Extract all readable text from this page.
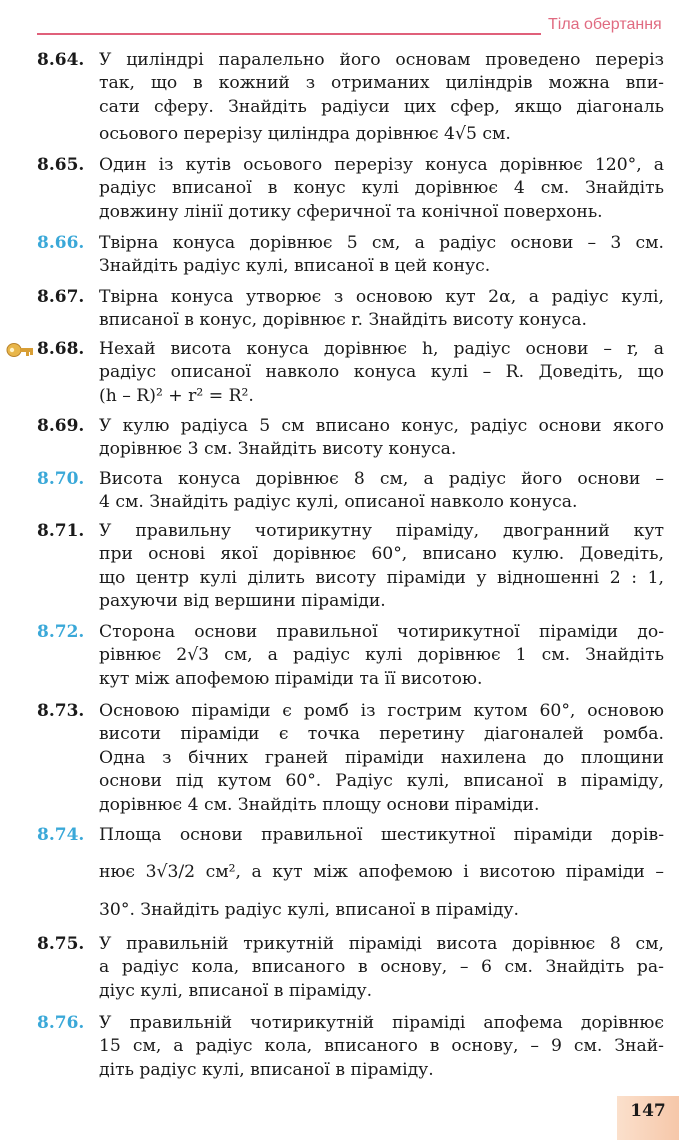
Тіла обертання
8.64. У циліндрі паралельно його основам проведено переріз
так, що в кожний з отриманих циліндрів можна впи-
сати сферу. Знайдіть радіуси цих сфер, якщо діагональ
осьового перерізу циліндра дорівнює 4√5 см.
8.65. Один із кутів осьового перерізу конуса дорівнює 120°, а
радіус вписаної в конус кулі дорівнює 4 см. Знайдіть
довжину лінії дотику сферичної та конічної поверхонь.
8.66. Твірна конуса дорівнює 5 см, а радіус основи – 3 см.
Знайдіть радіус кулі, вписаної в цей конус.
8.67. Твірна конуса утворює з основою кут 2α, а радіус кулі,
вписаної в конус, дорівнює r. Знайдіть висоту конуса.
8.68. Нехай висота конуса дорівнює h, радіус основи – r, а
радіус описаної навколо конуса кулі – R. Доведіть, що
(h – R)² + r² = R².
8.69. У кулю радіуса 5 см вписано конус, радіус основи якого
дорівнює 3 см. Знайдіть висоту конуса.
8.70. Висота конуса дорівнює 8 см, а радіус його основи –
4 см. Знайдіть радіус кулі, описаної навколо конуса.
8.71. У правильну чотирикутну піраміду, двогранний кут
при основі якої дорівнює 60°, вписано кулю. Доведіть,
що центр кулі ділить висоту піраміди у відношенні 2 : 1,
рахуючи від вершини піраміди.
8.72. Сторона основи правильної чотирикутної піраміди до-
рівнює 2√3 см, а радіус кулі дорівнює 1 см. Знайдіть
кут між апофемою піраміди та її висотою.
8.73. Основою піраміди є ромб із гострим кутом 60°, основою
висоти піраміди є точка перетину діагоналей ромба.
Одна з бічних граней піраміди нахилена до площини
основи під кутом 60°. Радіус кулі, вписаної в піраміду,
дорівнює 4 см. Знайдіть площу основи піраміди.
8.74. Площа основи правильної шестикутної піраміди дорів-
нює 3√3/2 см², а кут між апофемою і висотою піраміди –
30°. Знайдіть радіус кулі, вписаної в піраміду.
8.75. У правильній трикутній піраміді висота дорівнює 8 см,
а радіус кола, вписаного в основу, – 6 см. Знайдіть ра-
діус кулі, вписаної в піраміду.
8.76. У правильній чотирикутній піраміді апофема дорівнює
15 см, а радіус кола, вписаного в основу, – 9 см. Знай-
діть радіус кулі, вписаної в піраміду.
147
